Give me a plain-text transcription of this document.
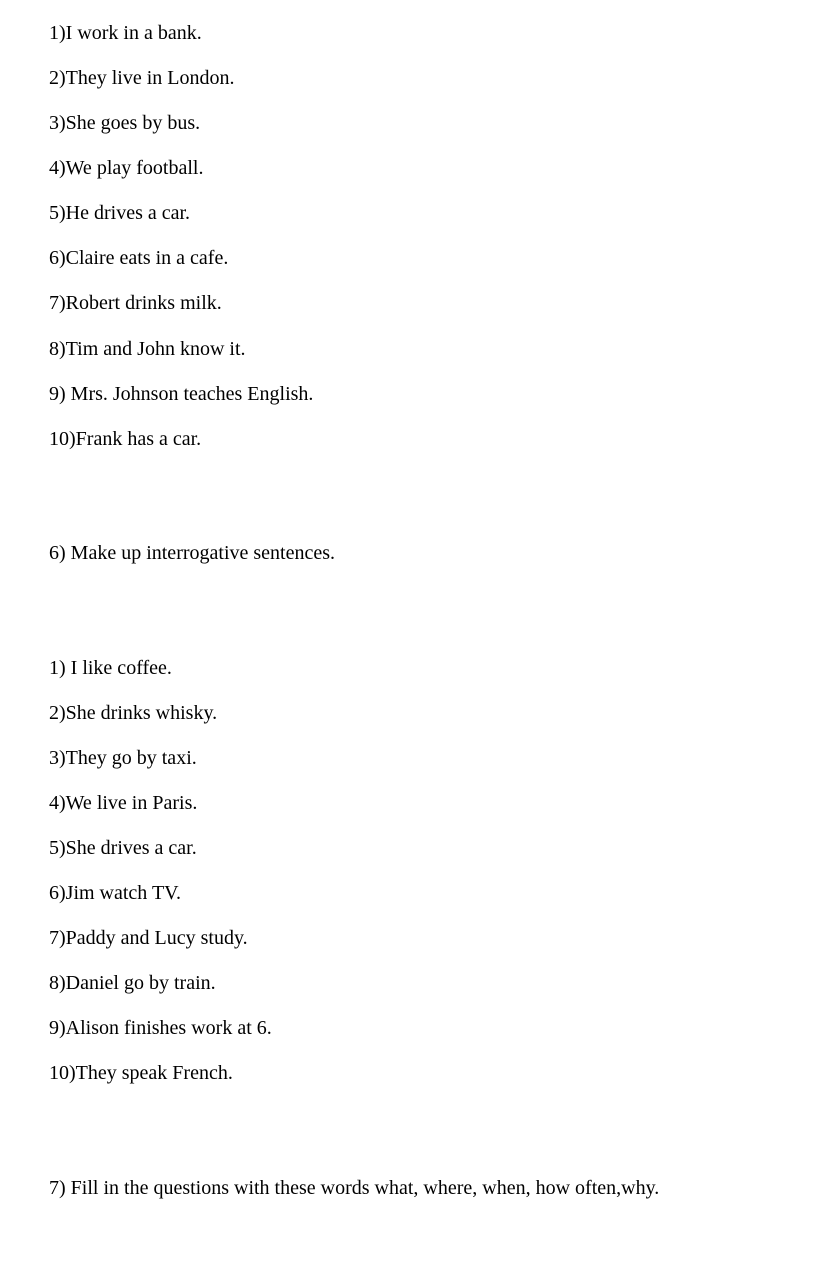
1)I work in a bank.

2)They live in London.

3)She goes by bus.

4)We play football.

5)He drives a car.

6)Claire eats in a cafe.

7)Robert drinks milk.

8)Tim and John know it.

9) Mrs. Johnson teaches English.

10)Frank has a car.

6) Make up interrogative sentences.

1) I like coffee.

2)She drinks whisky.

3)They go by taxi.

4)We live in Paris.

5)She drives a car.

6)Jim watch TV.

7)Paddy and Lucy study.

8)Daniel go by train.

9)Alison finishes work at 6.

10)They speak French.

7) Fill in the questions with these words what, where, when, how often,why.
